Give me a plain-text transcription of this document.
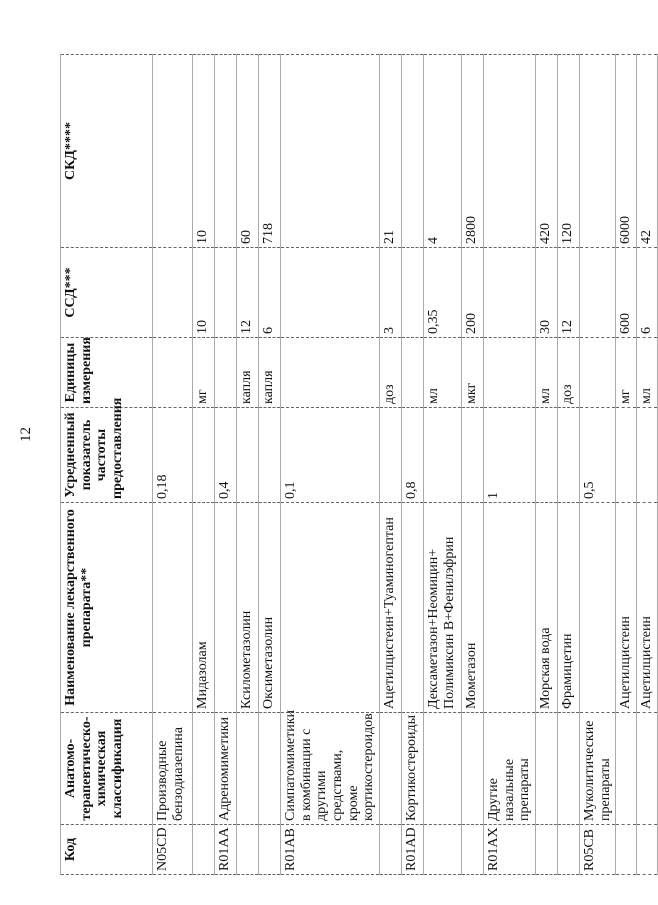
12
Код	Анатомо-терапевтическо-химическая классификация	Наименование лекарственного препарата**	Усредненный показатель частоты предоставления	Единицы измерения	ССД***	СКД****
N05CD	Производные бензодиазепина		0,18			
		Мидазолам		мг	10	10
R01AA	Адреномиметики		0,4			
		Ксилометазолин		капля	12	60
		Оксиметазолин		капля	6	718
R01AB	Симпатомиметики в комбинации с другими средствами, кроме кортикостероидов		0,1			
		Ацетилцистеин+Туаминогептан		доз	3	21
R01AD	Кортикостероиды		0,8			
		Дексаметазон+Неомицин+ Полимиксин В+Фенилэфрин		мл	0,35	4
		Мометазон		мкг	200	2800
R01AX	Другие назальные препараты		1			
		Морская вода		мл	30	420
		Фрамицетин		доз	12	120
R05CB	Муколитические препараты		0,5			
		Ацетилцистеин		мг	600	6000
		Ацетилцистеин		мл	6	42
